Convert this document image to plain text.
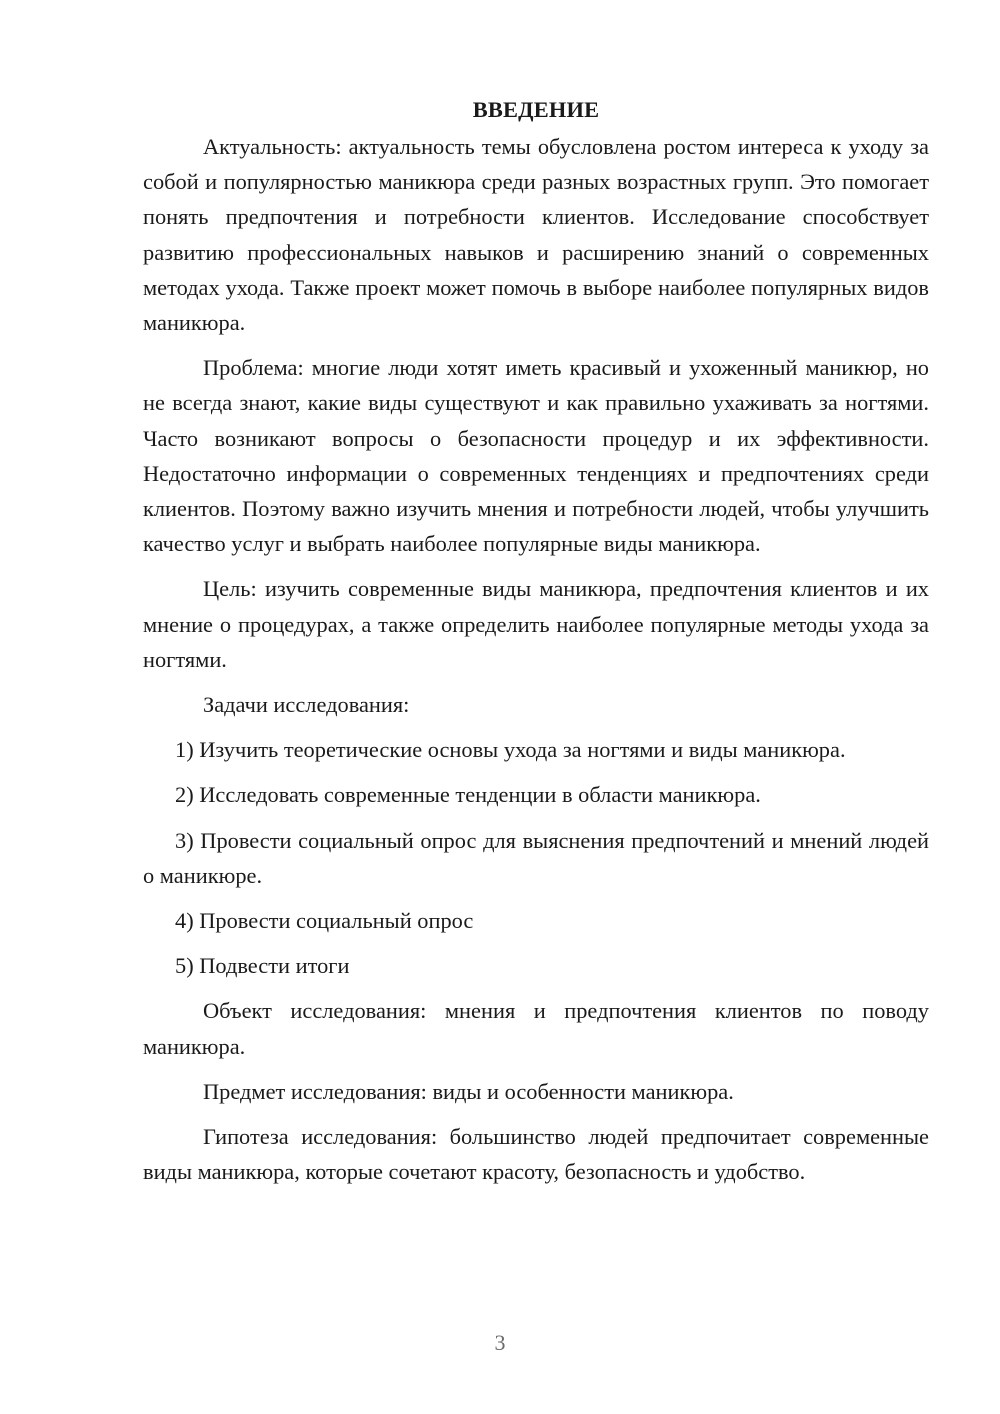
ВВЕДЕНИЕ

Актуальность: актуальность темы обусловлена ростом интереса к уходу за собой и популярностью маникюра среди разных возрастных групп. Это помогает понять предпочтения и потребности клиентов. Исследование способствует развитию профессиональных навыков и расширению знаний о современных методах ухода. Также проект может помочь в выборе наиболее популярных видов маникюра.

Проблема: многие люди хотят иметь красивый и ухоженный маникюр, но не всегда знают, какие виды существуют и как правильно ухаживать за ногтями. Часто возникают вопросы о безопасности процедур и их эффективности. Недостаточно информации о современных тенденциях и предпочтениях среди клиентов. Поэтому важно изучить мнения и потребности людей, чтобы улучшить качество услуг и выбрать наиболее популярные виды маникюра.

Цель: изучить современные виды маникюра, предпочтения клиентов и их мнение о процедурах, а также определить наиболее популярные методы ухода за ногтями.

Задачи исследования:

1) Изучить теоретические основы ухода за ногтями и виды маникюра.

2) Исследовать современные тенденции в области маникюра.

3) Провести социальный опрос для выяснения предпочтений и мнений людей о маникюре.

4) Провести социальный опрос

5) Подвести итоги

Объект исследования: мнения и предпочтения клиентов по поводу маникюра.

Предмет исследования: виды и особенности маникюра.

Гипотеза исследования: большинство людей предпочитает современные виды маникюра, которые сочетают красоту, безопасность и удобство.

3
